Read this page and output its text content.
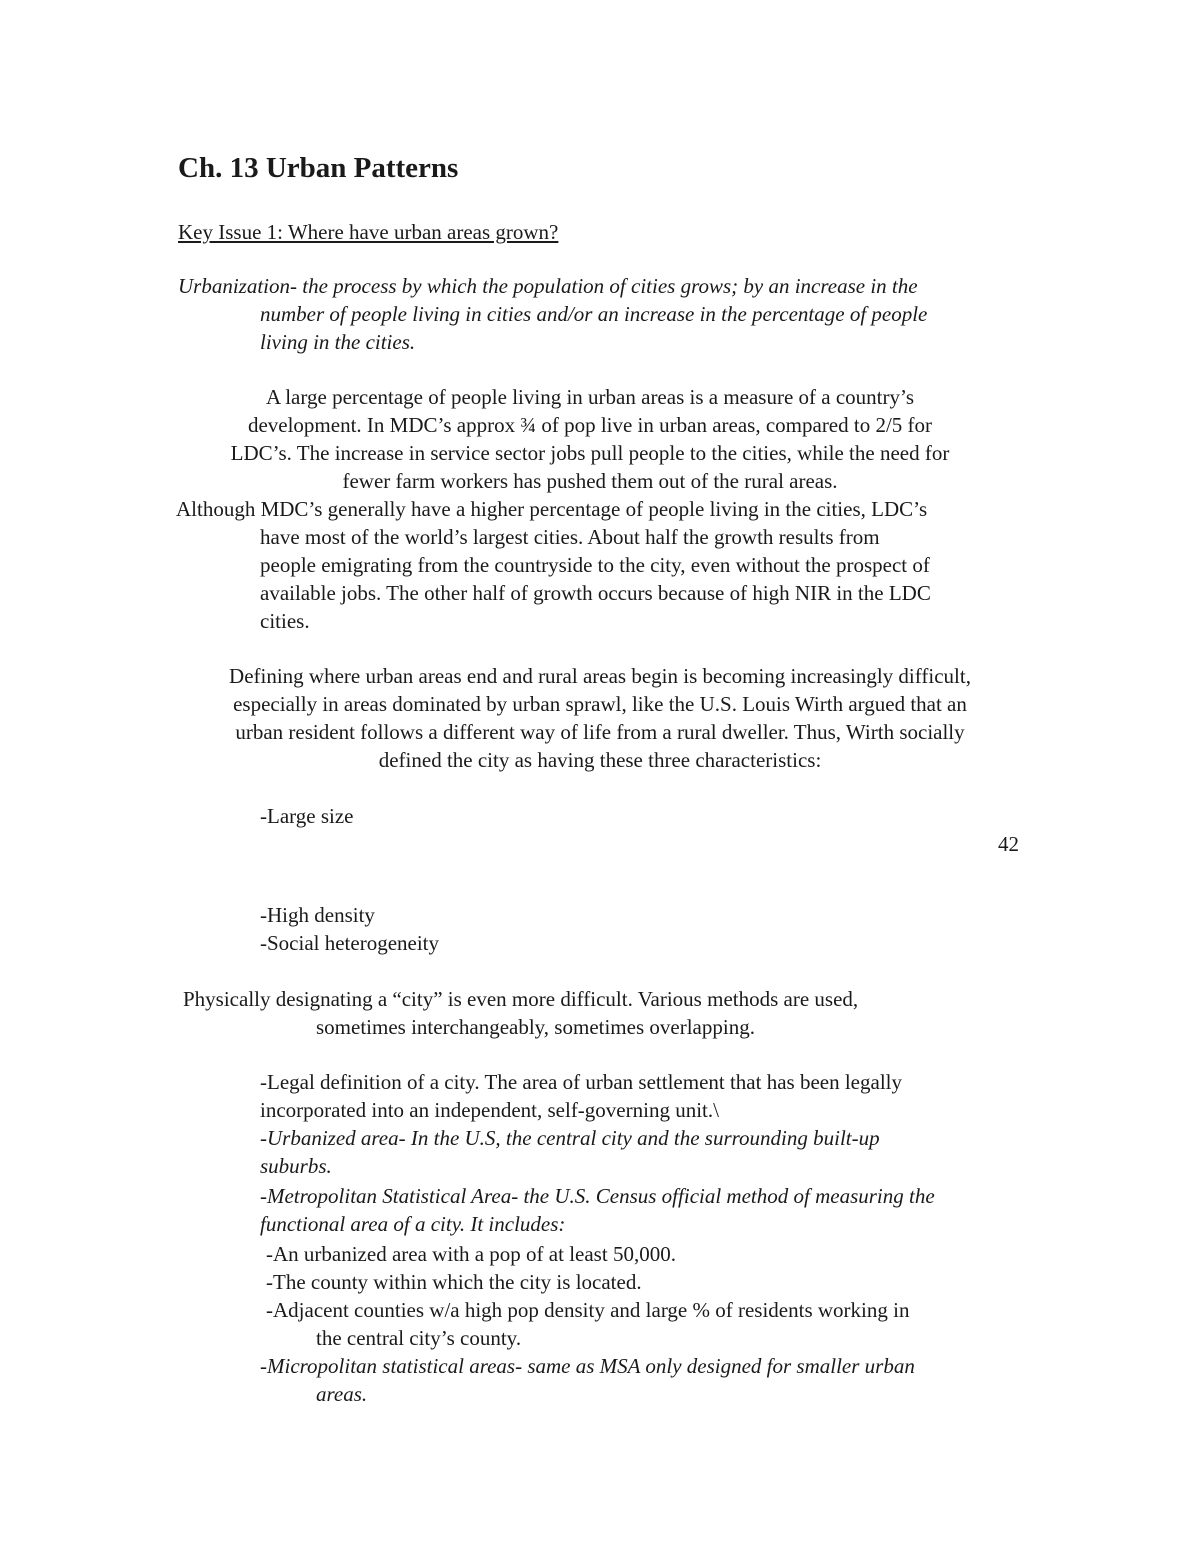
Ch. 13 Urban Patterns
Key Issue 1: Where have urban areas grown?
Urbanization- the process by which the population of cities grows; by an increase in the
number of people living in cities and/or an increase in the percentage of people
living in the cities.
A large percentage of people living in urban areas is a measure of a country’s
development. In MDC’s approx ¾ of pop live in urban areas, compared to 2/5 for
LDC’s. The increase in service sector jobs pull people to the cities, while the need for
fewer farm workers has pushed them out of the rural areas.
Although MDC’s generally have a higher percentage of people living in the cities, LDC’s
have most of the world’s largest cities. About half the growth results from
people emigrating from the countryside to the city, even without the prospect of
available jobs. The other half of growth occurs because of high NIR in the LDC
cities.
Defining where urban areas end and rural areas begin is becoming increasingly difficult,
especially in areas dominated by urban sprawl, like the U.S. Louis Wirth argued that an
urban resident follows a different way of life from a rural dweller. Thus, Wirth socially
defined the city as having these three characteristics:
-Large size
42
-High density
-Social heterogeneity
Physically designating a “city” is even more difficult. Various methods are used,
sometimes interchangeably, sometimes overlapping.
-Legal definition of a city. The area of urban settlement that has been legally
incorporated into an independent, self-governing unit.\
-Urbanized area- In the U.S, the central city and the surrounding built-up
suburbs.
-Metropolitan Statistical Area- the U.S. Census official method of measuring the
functional area of a city. It includes:
-An urbanized area with a pop of at least 50,000.
-The county within which the city is located.
-Adjacent counties w/a high pop density and large % of residents working in
the central city’s county.
-Micropolitan statistical areas- same as MSA only designed for smaller urban
areas.
